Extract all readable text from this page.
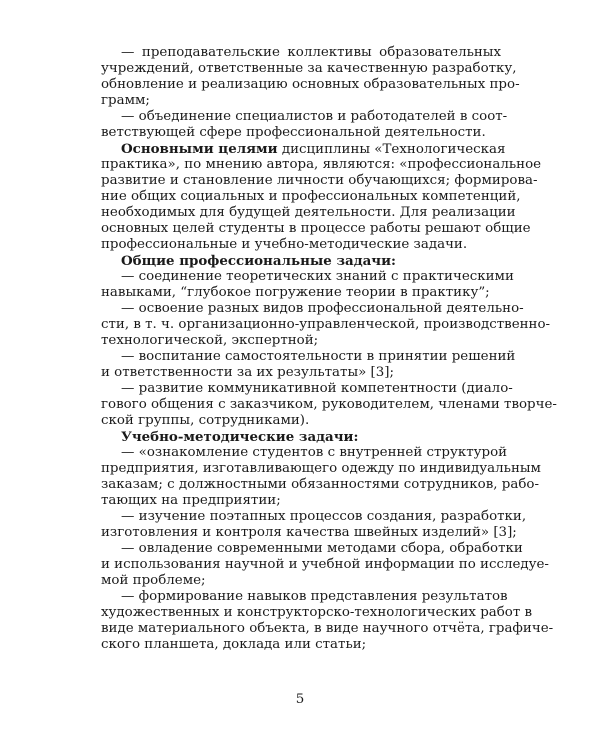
— преподавательские коллективы образовательных
учреждений, ответственные за качественную разработку,
обновление и реализацию основных образовательных про-
грамм;
— объединение специалистов и работодателей в соот-
ветствующей сфере профессиональной деятельности.
Основными целями дисциплины «Технологическая
практика», по мнению автора, являются: «профессиональное
развитие и становление личности обучающихся; формирова-
ние общих социальных и профессиональных компетенций,
необходимых для будущей деятельности. Для реализации
основных целей студенты в процессе работы решают общие
профессиональные и учебно-методические задачи.
Общие профессиональные задачи:
— соединение теоретических знаний с практическими
навыками, “глубокое погружение теории в практику”;
— освоение разных видов профессиональной деятельно-
сти, в т. ч. организационно-управленческой, производственно-
технологической, экспертной;
— воспитание самостоятельности в принятии решений
и ответственности за их результаты» [3];
— развитие коммуникативной компетентности (диало-
гового общения с заказчиком, руководителем, членами творче-
ской группы, сотрудниками).
Учебно-методические задачи:
— «ознакомление студентов с внутренней структурой
предприятия, изготавливающего одежду по индивидуальным
заказам; с должностными обязанностями сотрудников, рабо-
тающих на предприятии;
— изучение поэтапных процессов создания, разработки,
изготовления и контроля качества швейных изделий» [3];
— овладение современными методами сбора, обработки
и использования научной и учебной информации по исследуе-
мой проблеме;
— формирование навыков представления результатов
художественных и конструкторско-технологических работ в
виде материального объекта, в виде научного отчёта, графиче-
ского планшета, доклада или статьи;
5
